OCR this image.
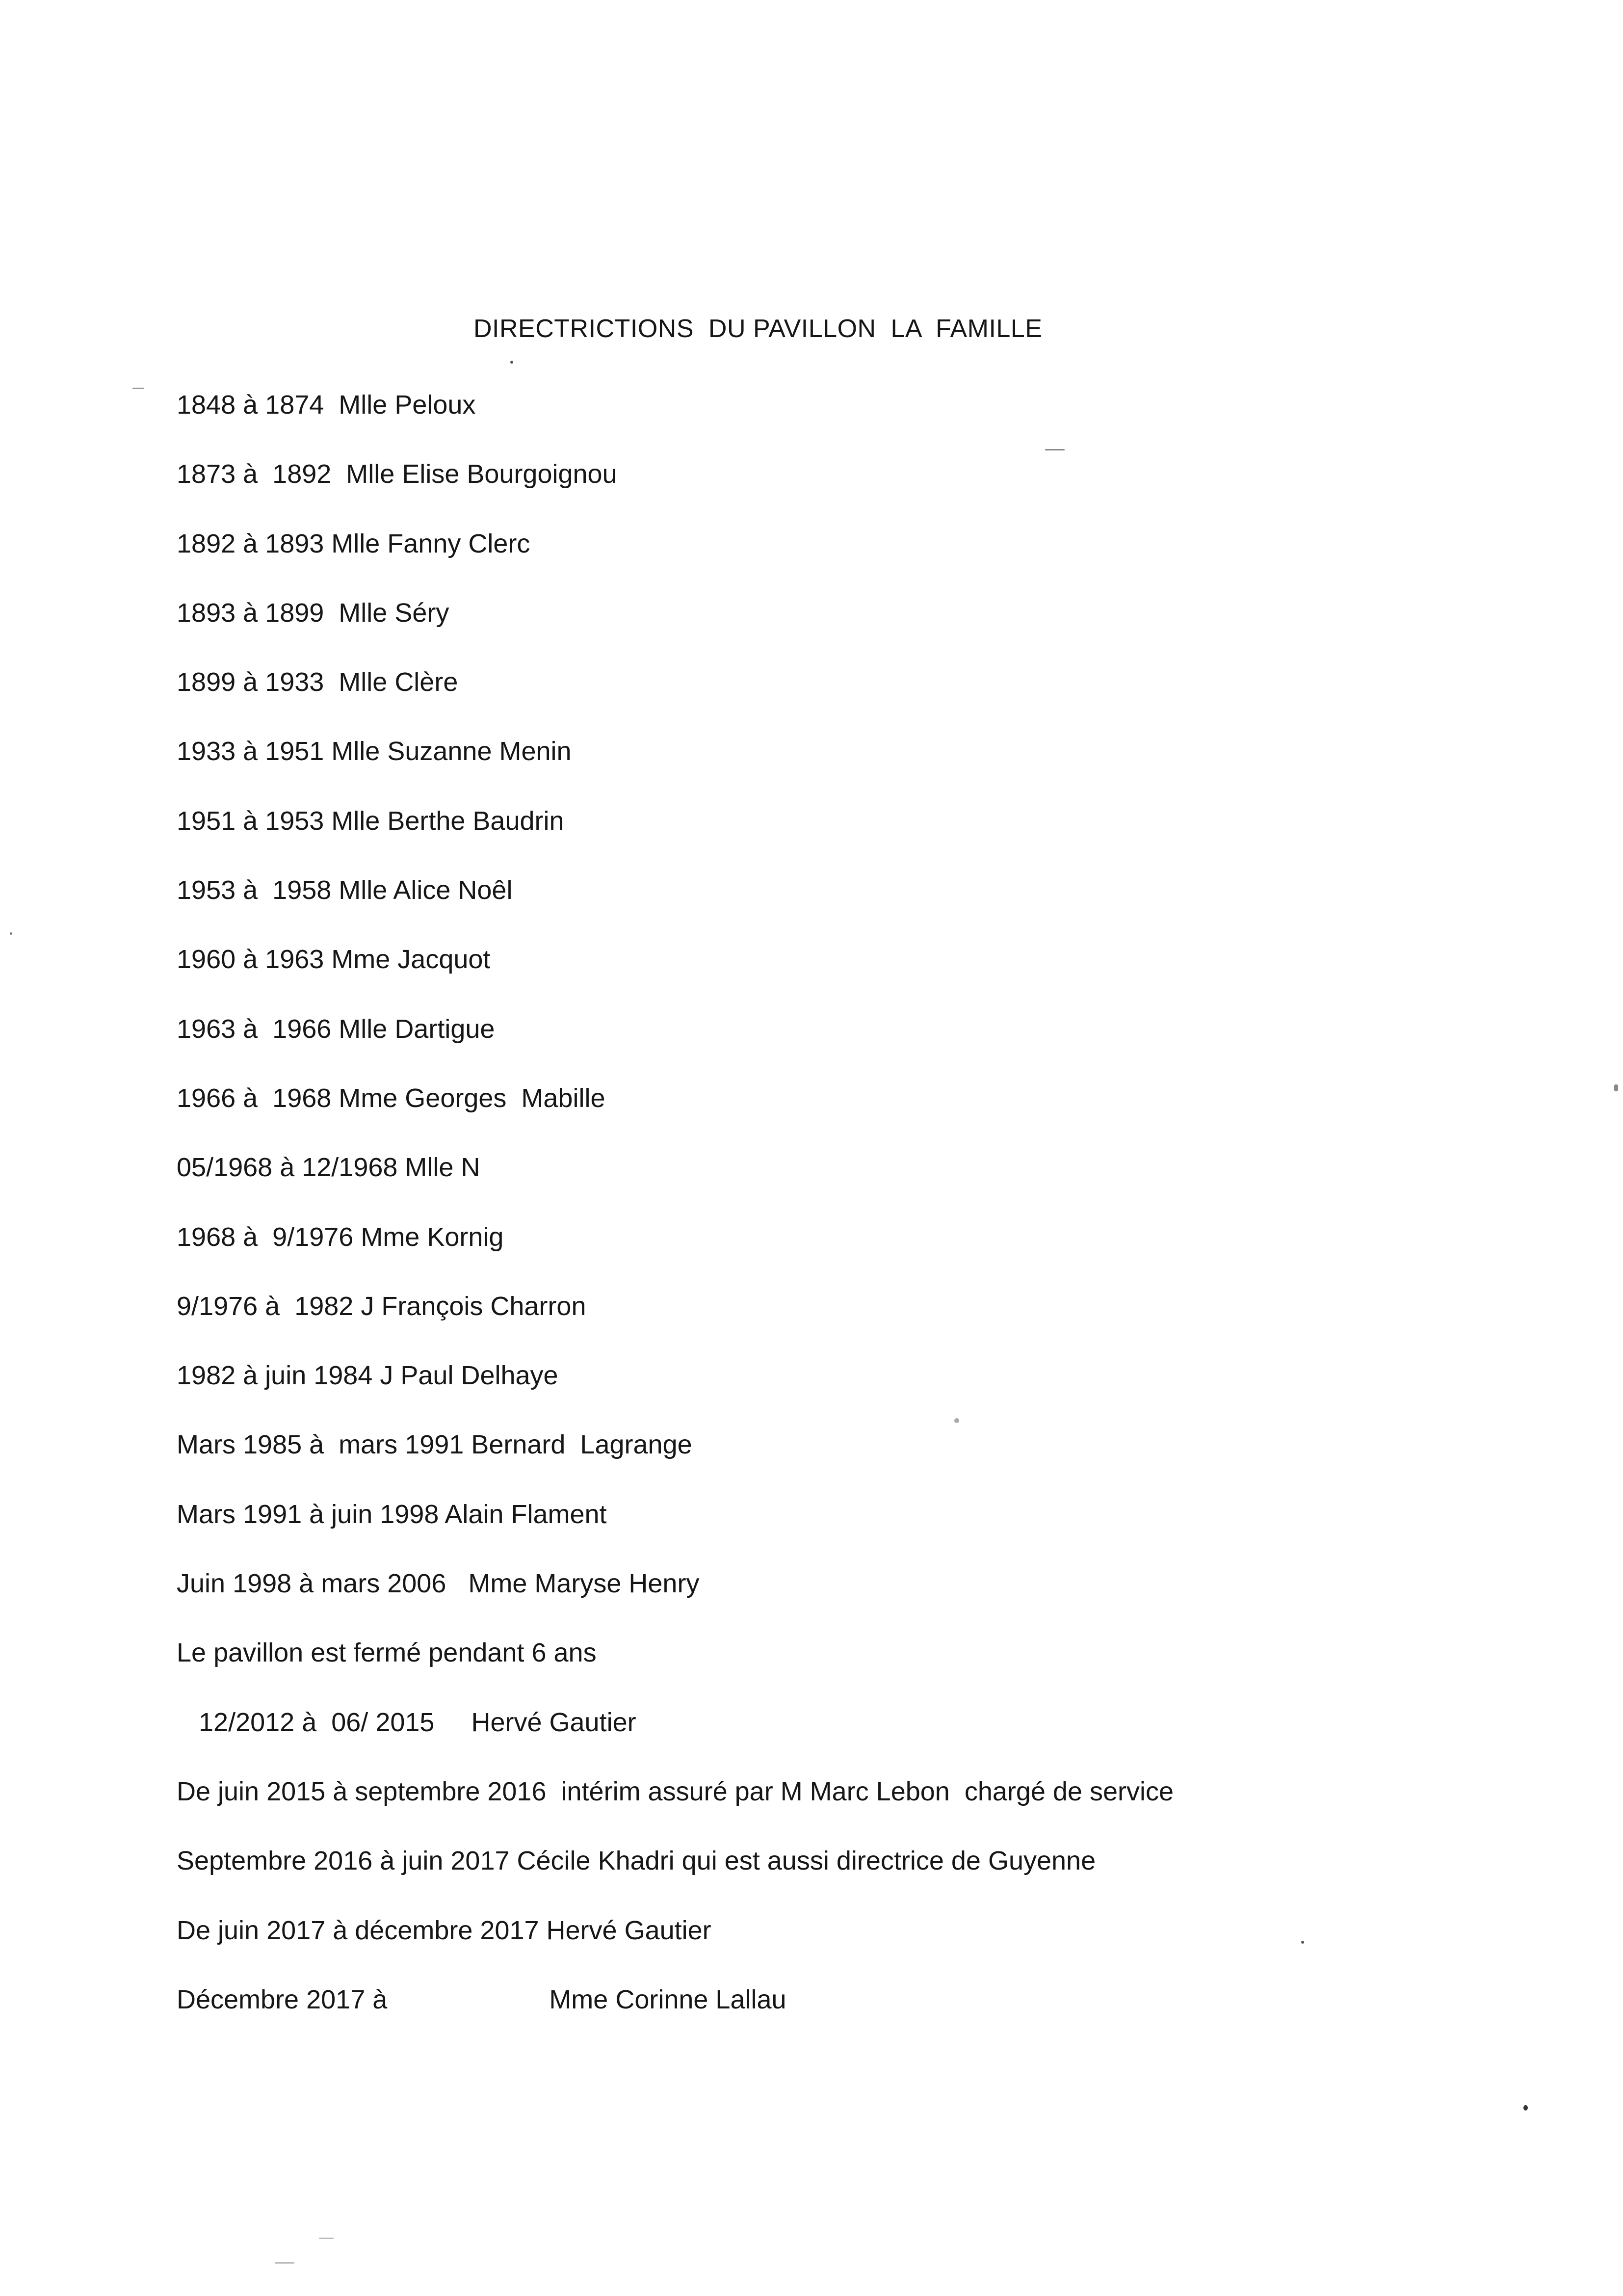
DIRECTRICTIONS  DU PAVILLON  LA  FAMILLE
1848 à 1874  Mlle Peloux
1873 à  1892  Mlle Elise Bourgoignou
1892 à 1893 Mlle Fanny Clerc
1893 à 1899  Mlle Séry
1899 à 1933  Mlle Clère
1933 à 1951 Mlle Suzanne Menin
1951 à 1953 Mlle Berthe Baudrin
1953 à  1958 Mlle Alice Noêl
1960 à 1963 Mme Jacquot
1963 à  1966 Mlle Dartigue
1966 à  1968 Mme Georges  Mabille
05/1968 à 12/1968 Mlle N
1968 à  9/1976 Mme Kornig
9/1976 à  1982 J François Charron
1982 à juin 1984 J Paul Delhaye
Mars 1985 à  mars 1991 Bernard  Lagrange
Mars 1991 à juin 1998 Alain Flament
Juin 1998 à mars 2006   Mme Maryse Henry
Le pavillon est fermé pendant 6 ans
12/2012 à  06/ 2015     Hervé Gautier
De juin 2015 à septembre 2016  intérim assuré par M Marc Lebon  chargé de service
Septembre 2016 à juin 2017 Cécile Khadri qui est aussi directrice de Guyenne
De juin 2017 à décembre 2017 Hervé Gautier
Décembre 2017 à                      Mme Corinne Lallau
